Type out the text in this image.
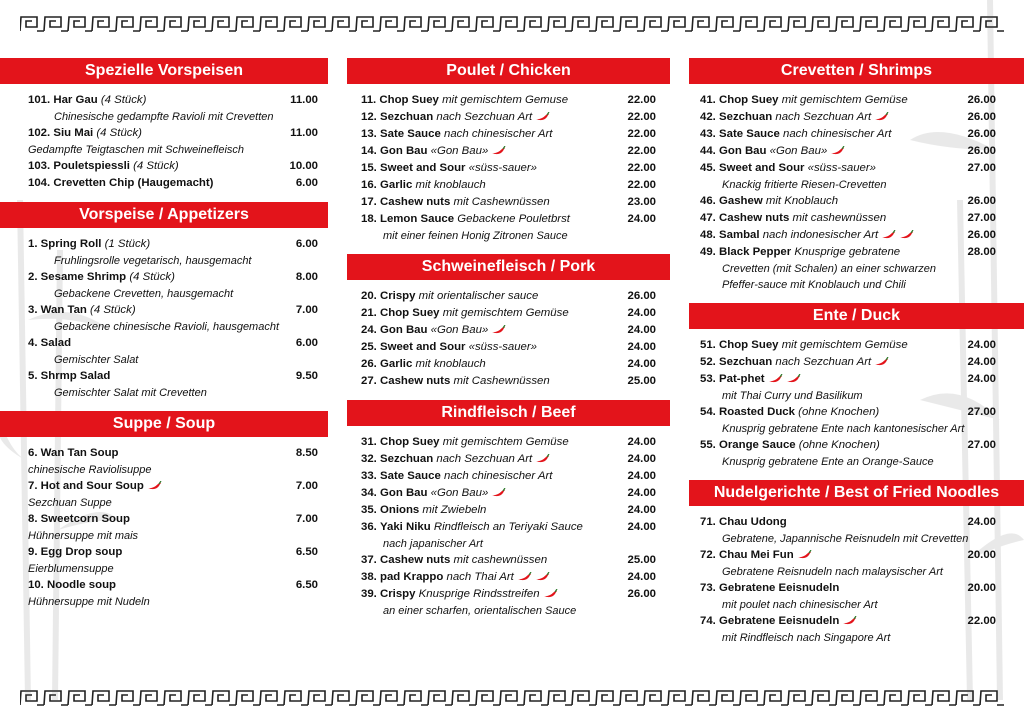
Spezielle Vorspeisen
101. Har Gau (4 Stück)	11.00
Chinesische gedampfte Ravioli mit Crevetten
102. Siu Mai (4 Stück)	11.00
Gedampfte Teigtaschen mit Schweinefleisch
103. Pouletspiessli (4 Stück)	10.00
104. Crevetten Chip (Haugemacht)	6.00
Vorspeise / Appetizers
1. Spring Roll (1 Stück)	6.00
Fruhlingsrolle vegetarisch, hausgemacht
2. Sesame Shrimp (4 Stück)	8.00
Gebackene Crevetten, hausgemacht
3. Wan Tan (4 Stück)	7.00
Gebackene chinesische Ravioli, hausgemacht
4. Salad	6.00
Gemischter Salat
5. Shrmp Salad	9.50
Gemischter Salat mit Crevetten
Suppe / Soup
6. Wan Tan Soup	8.50
chinesische Raviolisuppe
7. Hot and Sour Soup	7.00
Sezchuan Suppe
8. Sweetcorn Soup	7.00
Hühnersuppe mit mais
9. Egg Drop soup	6.50
Eierblumensuppe
10. Noodle soup	6.50
Hühnersuppe mit Nudeln
Poulet / Chicken
11. Chop Suey mit gemischtem Gemuse	22.00
12. Sezchuan nach Sezchuan Art	22.00
13. Sate Sauce nach chinesischer Art	22.00
14. Gon Bau «Gon Bau»	22.00
15. Sweet and Sour «süss-sauer»	22.00
16. Garlic mit knoblauch	22.00
17. Cashew nuts mit Cashewnüssen	23.00
18. Lemon Sauce Gebackene Pouletbrst	24.00
mit einer feinen Honig Zitronen Sauce
Schweinefleisch / Pork
20. Crispy mit orientalischer sauce	26.00
21. Chop Suey mit gemischtem Gemüse	24.00
24. Gon Bau «Gon Bau»	24.00
25. Sweet and Sour «süss-sauer»	24.00
26. Garlic mit knoblauch	24.00
27. Cashew nuts mit Cashewnüssen	25.00
Rindfleisch / Beef
31. Chop Suey mit gemischtem Gemüse	24.00
32. Sezchuan nach Sezchuan Art	24.00
33. Sate Sauce nach chinesischer Art	24.00
34. Gon Bau «Gon Bau»	24.00
35. Onions mit Zwiebeln	24.00
36. Yaki Niku Rindfleisch an Teriyaki Sauce	24.00
nach japanischer Art
37. Cashew nuts mit cashewnüssen	25.00
38. pad Krappo nach Thai Art	24.00
39. Crispy Knusprige Rindsstreifen	26.00
an einer scharfen, orientalischen Sauce
Crevetten / Shrimps
41. Chop Suey mit gemischtem Gemüse	26.00
42. Sezchuan nach Sezchuan Art	26.00
43. Sate Sauce nach chinesischer Art	26.00
44. Gon Bau «Gon Bau»	26.00
45. Sweet and Sour «süss-sauer»	27.00
Knackig fritierte Riesen-Crevetten
46. Gashew mit Knoblauch	26.00
47. Cashew nuts mit cashewnüssen	27.00
48. Sambal nach indonesischer Art	26.00
49. Black Pepper Knusprige gebratene	28.00
Crevetten (mit Schalen) an einer schwarzen
Pfeffer-sauce mit Knoblauch und Chili
Ente / Duck
51. Chop Suey mit gemischtem Gemüse	24.00
52. Sezchuan nach Sezchuan Art	24.00
53. Pat-phet	24.00
mit Thai Curry und Basilikum
54. Roasted Duck (ohne Knochen)	27.00
Knusprig gebratene Ente nach kantonesischer Art
55. Orange Sauce (ohne Knochen)	27.00
Knusprig gebratene Ente an Orange-Sauce
Nudelgerichte / Best of Fried Noodles
71. Chau Udong	24.00
Gebratene, Japannische Reisnudeln mit Crevetten
72. Chau Mei Fun	20.00
Gebratene Reisnudeln nach malaysischer Art
73. Gebratene Eeisnudeln	20.00
mit poulet nach chinesischer Art
74. Gebratene Eeisnudeln	22.00
mit Rindfleisch nach Singapore Art
